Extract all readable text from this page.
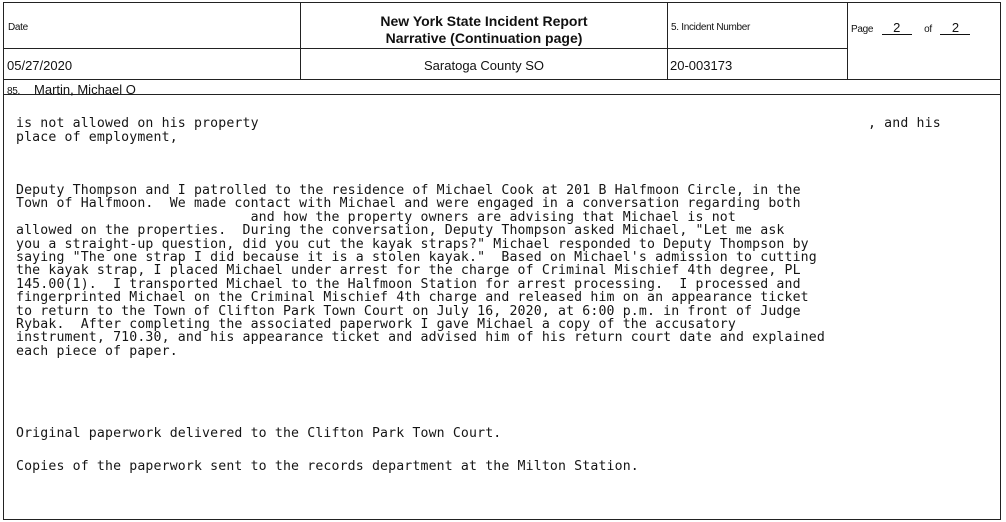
Date
05/27/2020
New York State Incident Report
Narrative (Continuation page)
Saratoga County SO
5. Incident Number
20-003173
Page 2 of 2
85. Martin, Michael O
is not allowed on his property	, and his
place of employment,
Deputy Thompson and I patrolled to the residence of Michael Cook at 201 B Halfmoon Circle, in the
Town of Halfmoon.  We made contact with Michael and were engaged in a conversation regarding both
and how the property owners are advising that Michael is not
allowed on the properties.  During the conversation, Deputy Thompson asked Michael, "Let me ask
you a straight-up question, did you cut the kayak straps?" Michael responded to Deputy Thompson by
saying "The one strap I did because it is a stolen kayak."  Based on Michael's admission to cutting
the kayak strap, I placed Michael under arrest for the charge of Criminal Mischief 4th degree, PL
145.00(1).  I transported Michael to the Halfmoon Station for arrest processing.  I processed and
fingerprinted Michael on the Criminal Mischief 4th charge and released him on an appearance ticket
to return to the Town of Clifton Park Town Court on July 16, 2020, at 6:00 p.m. in front of Judge
Rybak.  After completing the associated paperwork I gave Michael a copy of the accusatory
instrument, 710.30, and his appearance ticket and advised him of his return court date and explained
each piece of paper.
Original paperwork delivered to the Clifton Park Town Court.
Copies of the paperwork sent to the records department at the Milton Station.
